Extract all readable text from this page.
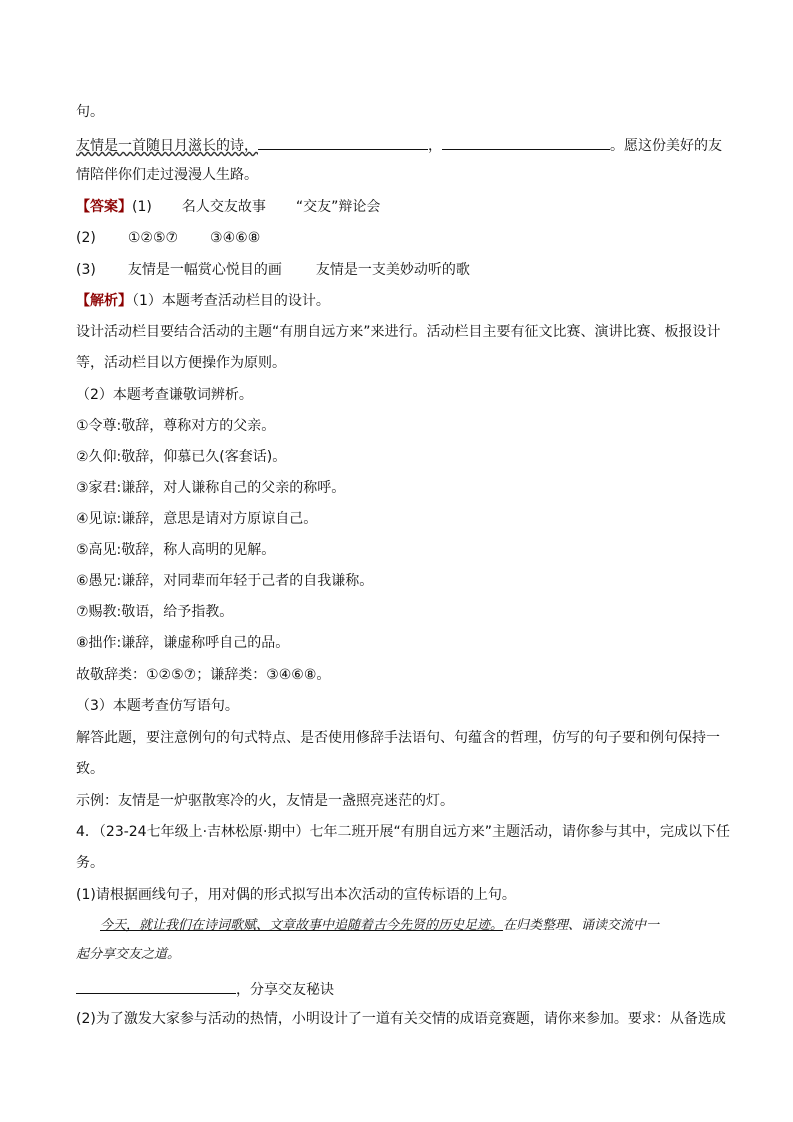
句。
友情是一首随日月滋长的诗，	，	。愿这份美好的友
情陪伴你们走过漫漫人生路。
【答案】(1) 名人交友故事 “交友”辩论会
(2) ①②⑤⑦ ③④⑥⑧
(3) 友情是一幅赏心悦目的画 友情是一支美妙动听的歌
【解析】（1）本题考查活动栏目的设计。
设计活动栏目要结合活动的主题“有朋自远方来”来进行。活动栏目主要有征文比赛、演讲比赛、板报设计
等，活动栏目以方便操作为原则。
（2）本题考查谦敬词辨析。
①令尊:敬辞，尊称对方的父亲。
②久仰:敬辞，仰慕已久(客套话)。
③家君:谦辞，对人谦称自己的父亲的称呼。
④见谅:谦辞，意思是请对方原谅自己。
⑤高见:敬辞，称人高明的见解。
⑥愚兄:谦辞，对同辈而年轻于己者的自我谦称。
⑦赐教:敬语，给予指教。
⑧拙作:谦辞，谦虚称呼自己的品。
故敬辞类：①②⑤⑦；谦辞类：③④⑥⑧。
（3）本题考查仿写语句。
解答此题，要注意例句的句式特点、是否使用修辞手法语句、句蕴含的哲理，仿写的句子要和例句保持一
致。
示例：友情是一炉驱散寒冷的火，友情是一盏照亮迷茫的灯。
4．（23-24七年级上·吉林松原·期中）七年二班开展“有朋自远方来”主题活动，请你参与其中，完成以下任
务。
(1)请根据画线句子，用对偶的形式拟写出本次活动的宣传标语的上句。
今天，就让我们在诗词歌赋、文章故事中追随着古今先贤的历史足迹。在归类整理、诵读交流中一
起分享交友之道。
，分享交友秘诀
(2)为了激发大家参与活动的热情，小明设计了一道有关交情的成语竞赛题，请你来参加。要求：从备选成
